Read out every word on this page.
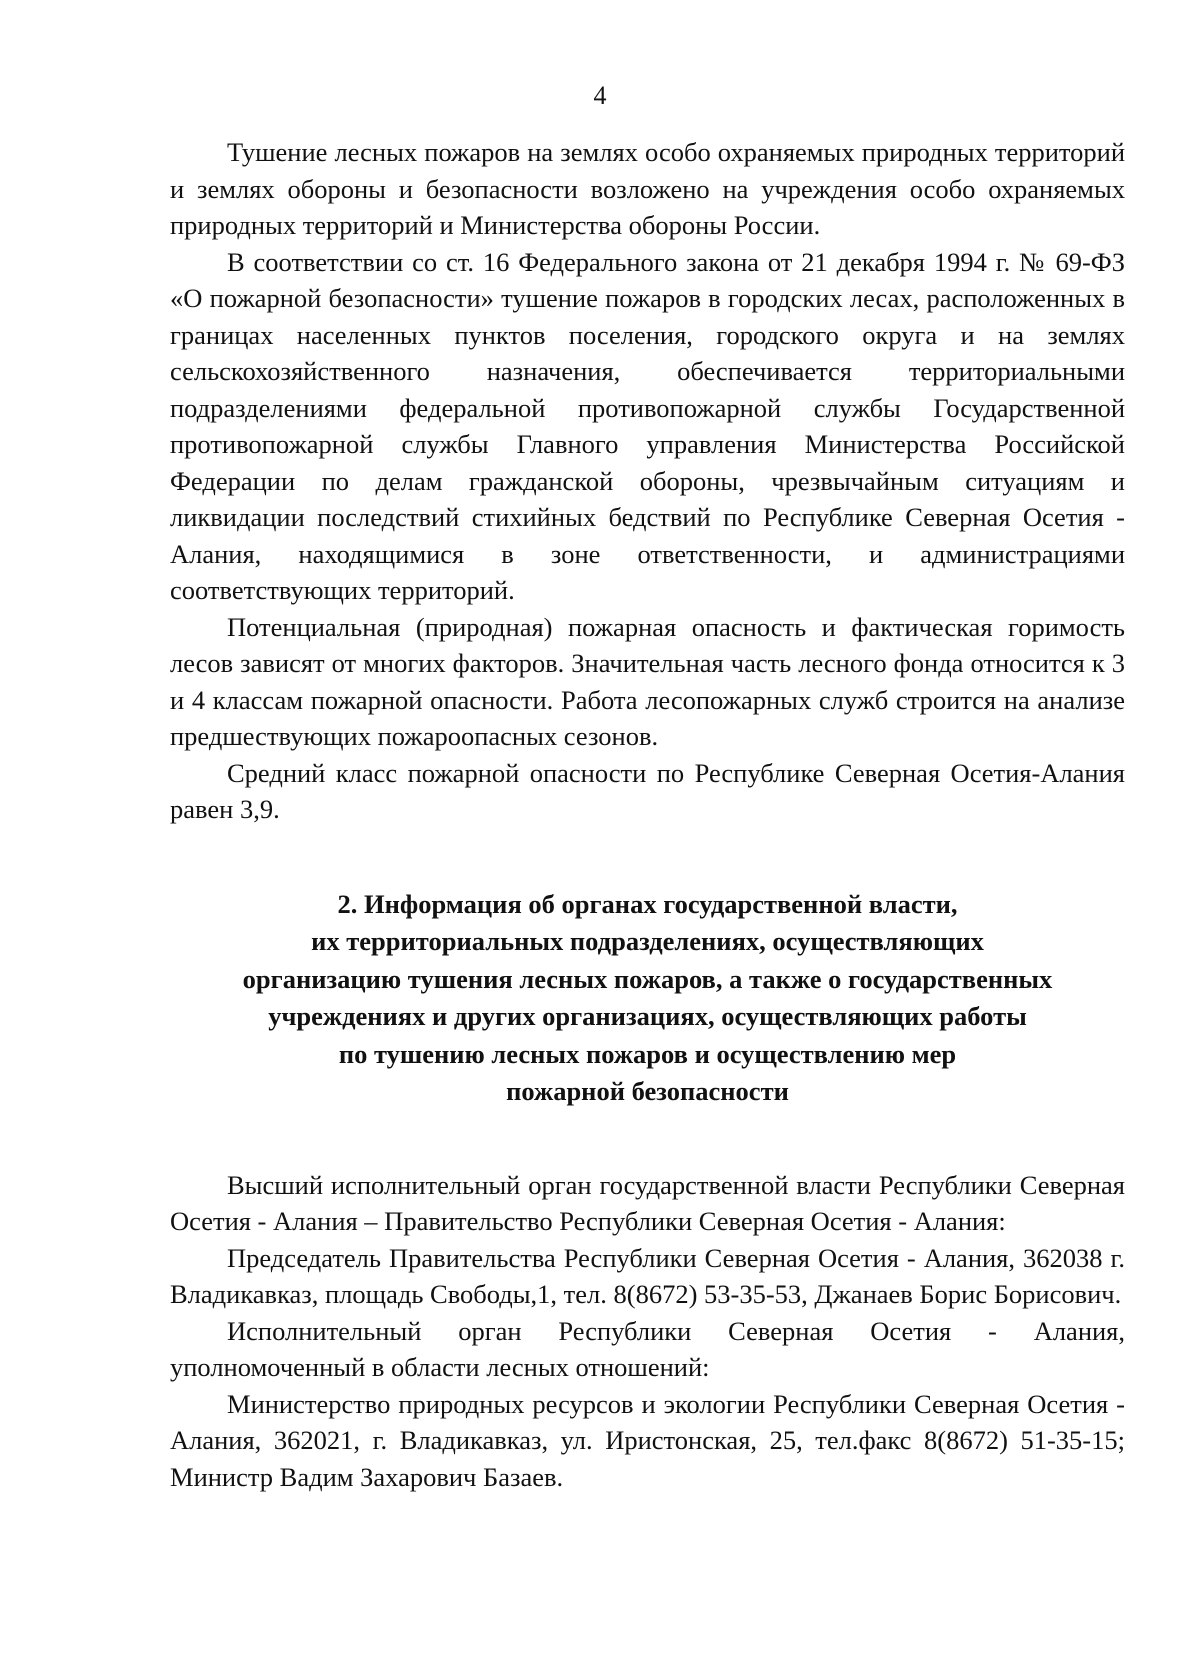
4

Тушение лесных пожаров на землях особо охраняемых природных территорий и землях обороны и безопасности возложено на учреждения особо охраняемых природных территорий и Министерства обороны России.

В соответствии со ст. 16 Федерального закона от 21 декабря 1994 г. № 69-ФЗ «О пожарной безопасности» тушение пожаров в городских лесах, расположенных в границах населенных пунктов поселения, городского округа и на землях сельскохозяйственного назначения, обеспечивается территориальными подразделениями федеральной противопожарной службы Государственной противопожарной службы Главного управления Министерства Российской Федерации по делам гражданской обороны, чрезвычайным ситуациям и ликвидации последствий стихийных бедствий по Республике Северная Осетия - Алания, находящимися в зоне ответственности, и администрациями соответствующих территорий.

Потенциальная (природная) пожарная опасность и фактическая горимость лесов зависят от многих факторов. Значительная часть лесного фонда относится к 3 и 4 классам пожарной опасности. Работа лесопожарных служб строится на анализе предшествующих пожароопасных сезонов.

Средний класс пожарной опасности по Республике Северная Осетия-Алания равен 3,9.

2. Информация об органах государственной власти,
их территориальных подразделениях, осуществляющих
организацию тушения лесных пожаров, а также о государственных
учреждениях и других организациях, осуществляющих работы
по тушению лесных пожаров и осуществлению мер
пожарной безопасности

Высший исполнительный орган государственной власти Республики Северная Осетия - Алания – Правительство Республики Северная Осетия - Алания:

Председатель Правительства Республики Северная Осетия - Алания, 362038 г. Владикавказ, площадь Свободы,1, тел. 8(8672) 53-35-53, Джанаев Борис Борисович.

Исполнительный орган Республики Северная Осетия - Алания, уполномоченный в области лесных отношений:

Министерство природных ресурсов и экологии Республики Северная Осетия - Алания, 362021, г. Владикавказ, ул. Иристонская, 25, тел.факс 8(8672) 51-35-15; Министр Вадим Захарович Базаев.
